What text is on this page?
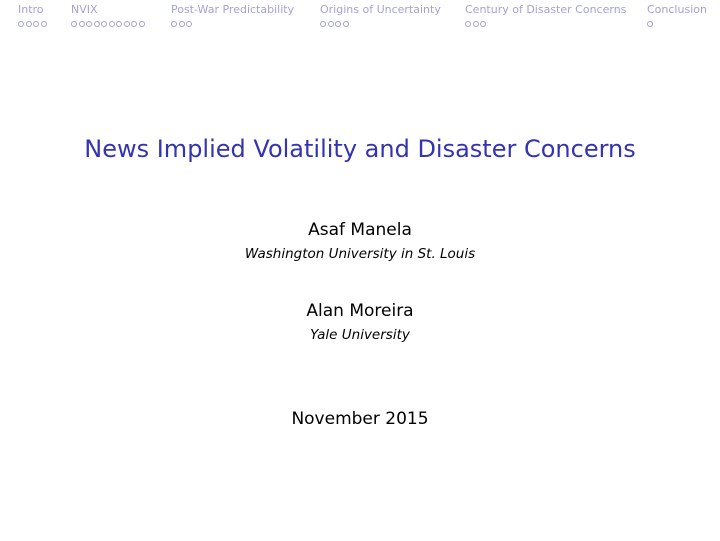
Intro NVIX	Post-War Predictability Origins of Uncertainty Century of Disaster Concerns Conclusion
News Implied Volatility and Disaster Concerns
Asaf Manela
Washington University in St. Louis
Alan Moreira
Yale University
November 2015
